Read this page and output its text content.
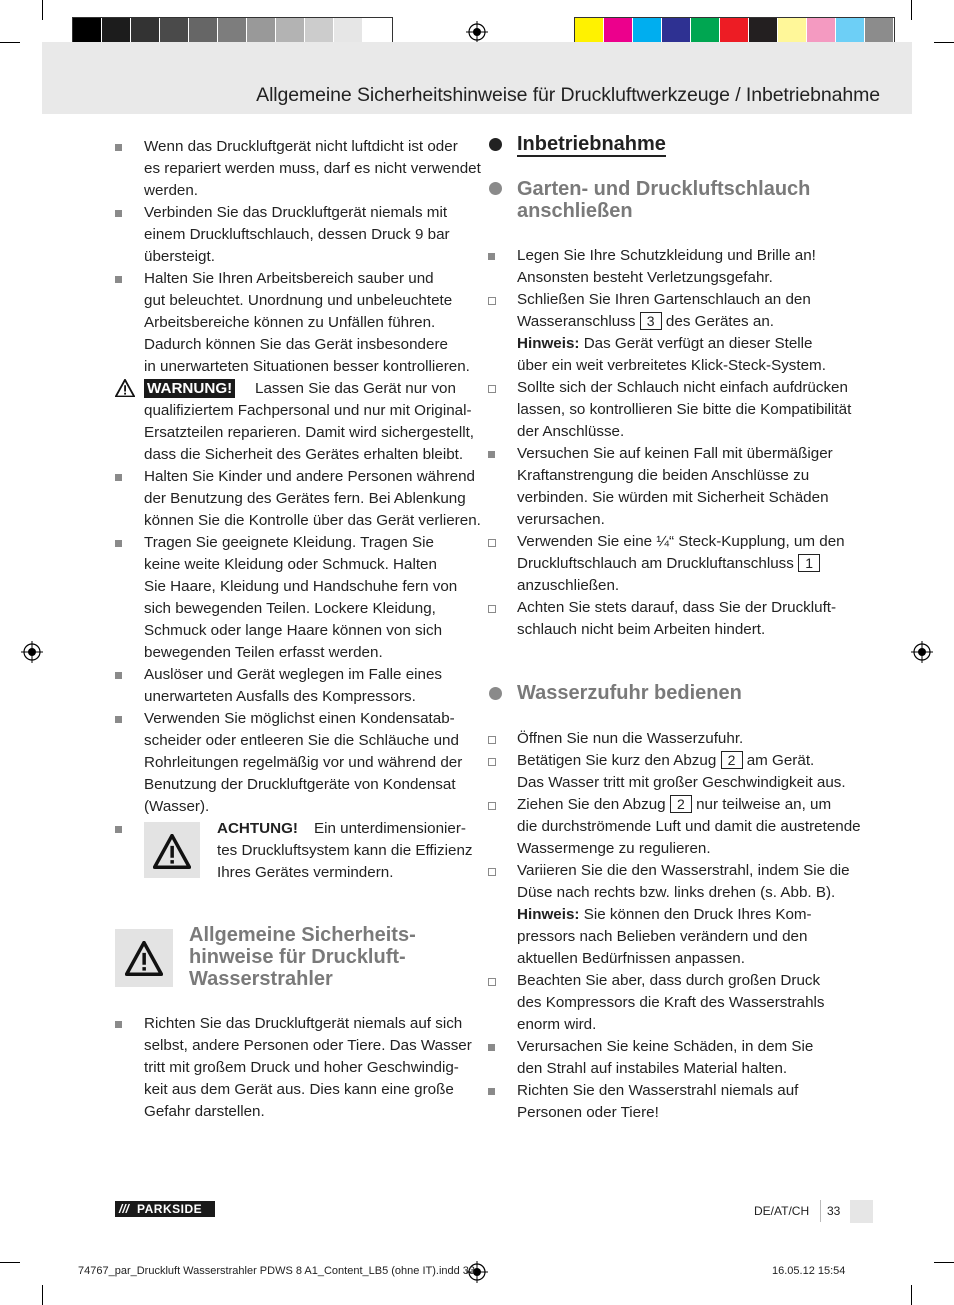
Allgemeine Sicherheitshinweise für Druckluftwerkzeuge / Inbetriebnahme
Wenn das Druckluftgerät nicht luftdicht ist oder
es repariert werden muss, darf es nicht verwendet
werden.
Verbinden Sie das Druckluftgerät niemals mit
einem Druckluftschlauch, dessen Druck 9 bar
übersteigt.
Halten Sie Ihren Arbeitsbereich sauber und
gut beleuchtet. Unordnung und unbeleuchtete
Arbeitsbereiche können zu Unfällen führen.
Dadurch können Sie das Gerät insbesondere
in unerwarteten Situationen besser kontrollieren.
WARNUNG! Lassen Sie das Gerät nur von
qualifiziertem Fachpersonal und nur mit Original-
Ersatzteilen reparieren. Damit wird sichergestellt,
dass die Sicherheit des Gerätes erhalten bleibt.
Halten Sie Kinder und andere Personen während
der Benutzung des Gerätes fern. Bei Ablenkung
können Sie die Kontrolle über das Gerät verlieren.
Tragen Sie geeignete Kleidung. Tragen Sie
keine weite Kleidung oder Schmuck. Halten
Sie Haare, Kleidung und Handschuhe fern von
sich bewegenden Teilen. Lockere Kleidung,
Schmuck oder lange Haare können von sich
bewegenden Teilen erfasst werden.
Auslöser und Gerät weglegen im Falle eines
unerwarteten Ausfalls des Kompressors.
Verwenden Sie möglichst einen Kondensatab-
scheider oder entleeren Sie die Schläuche und
Rohrleitungen regelmäßig vor und während der
Benutzung der Druckluftgeräte von Kondensat
(Wasser).
ACHTUNG! Ein unterdimensionier-
tes Druckluftsystem kann die Effizienz
Ihres Gerätes vermindern.
Allgemeine Sicherheits-
hinweise für Druckluft-
Wasserstrahler
Richten Sie das Druckluftgerät niemals auf sich
selbst, andere Personen oder Tiere. Das Wasser
tritt mit großem Druck und hoher Geschwindig-
keit aus dem Gerät aus. Dies kann eine große
Gefahr darstellen.
Inbetriebnahme
Garten- und Druckluftschlauch
anschließen
Legen Sie Ihre Schutzkleidung und Brille an!
Ansonsten besteht Verletzungsgefahr.
Schließen Sie Ihren Gartenschlauch an den
Wasseranschluss 3 des Gerätes an.
Hinweis: Das Gerät verfügt an dieser Stelle
über ein weit verbreitetes Klick-Steck-System.
Sollte sich der Schlauch nicht einfach aufdrücken
lassen, so kontrollieren Sie bitte die Kompatibilität
der Anschlüsse.
Versuchen Sie auf keinen Fall mit übermäßiger
Kraftanstrengung die beiden Anschlüsse zu
verbinden. Sie würden mit Sicherheit Schäden
verursachen.
Verwenden Sie eine ¼“ Steck-Kupplung, um den
Druckluftschlauch am Druckluftanschluss 1
anzuschließen.
Achten Sie stets darauf, dass Sie der Druckluft-
schlauch nicht beim Arbeiten hindert.
Wasserzufuhr bedienen
Öffnen Sie nun die Wasserzufuhr.
Betätigen Sie kurz den Abzug 2 am Gerät.
Das Wasser tritt mit großer Geschwindigkeit aus.
Ziehen Sie den Abzug 2 nur teilweise an, um
die durchströmende Luft und damit die austretende
Wassermenge zu regulieren.
Variieren Sie die den Wasserstrahl, indem Sie die
Düse nach rechts bzw. links drehen (s. Abb. B).
Hinweis: Sie können den Druck Ihres Kom-
pressors nach Belieben verändern und den
aktuellen Bedürfnissen anpassen.
Beachten Sie aber, dass durch großen Druck
des Kompressors die Kraft des Wasserstrahls
enorm wird.
Verursachen Sie keine Schäden, in dem Sie
den Strahl auf instabiles Material halten.
Richten Sie den Wasserstrahl niemals auf
Personen oder Tiere!
/// PARKSIDE	DE/AT/CH 33
74767_par_Druckluft Wasserstrahler PDWS 8 A1_Content_LB5 (ohne IT).indd 33	16.05.12 15:54
